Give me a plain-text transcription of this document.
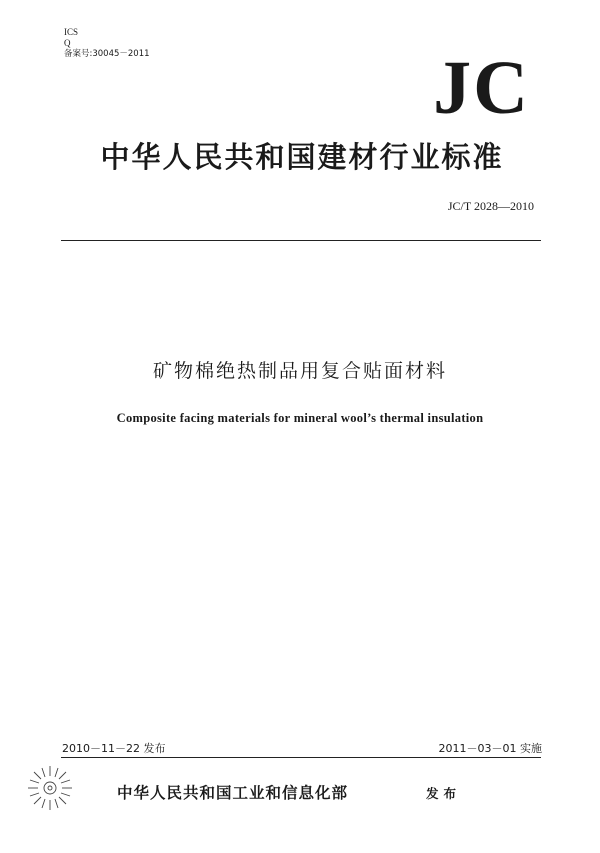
ICS
Q
备案号:30045－2011	JC
中华人民共和国建材行业标准
JC/T 2028—2010
矿物棉绝热制品用复合贴面材料
Composite facing materials for mineral wool’s thermal insulation
2010－11－22 发布	2011－03－01 实施
中华人民共和国工业和信息化部	发布
